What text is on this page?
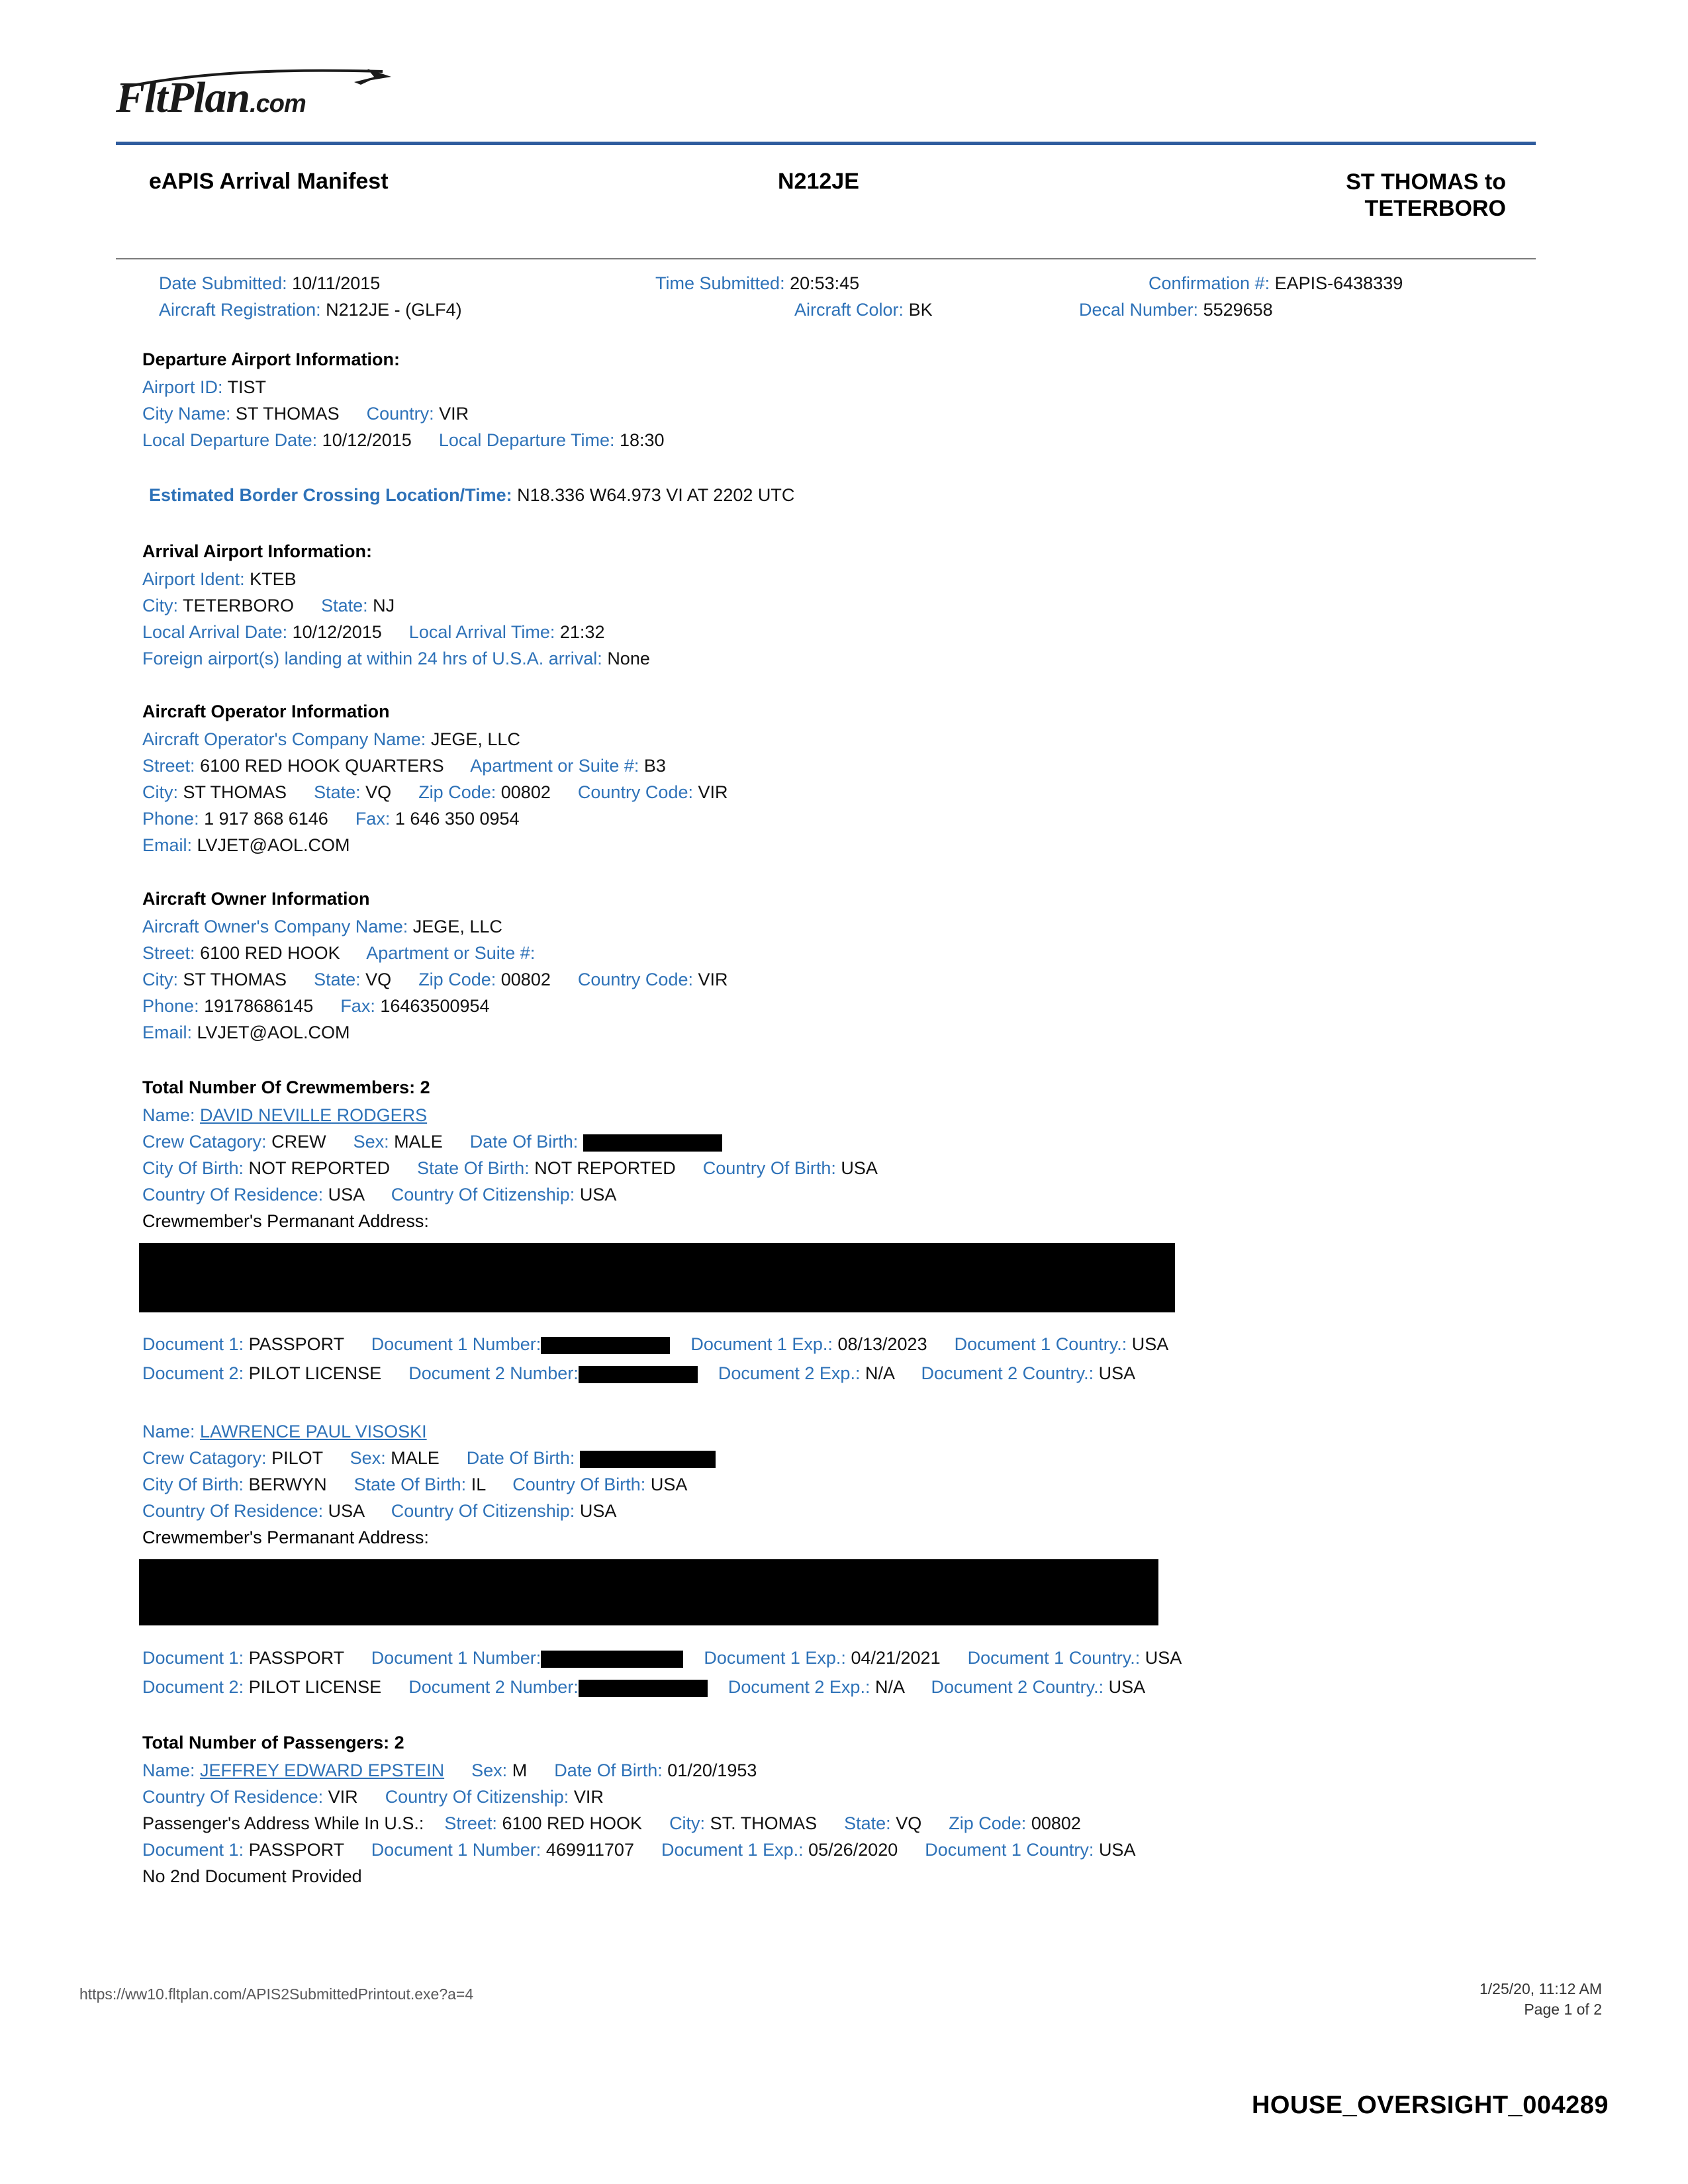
FltPlan.com
eAPIS Arrival Manifest	N212JE	ST THOMAS to
TETERBORO
Date Submitted: 10/11/2015	Time Submitted: 20:53:45	Confirmation #: EAPIS-6438339
Aircraft Registration: N212JE - (GLF4)	Aircraft Color: BK	Decal Number: 5529658
Departure Airport Information:
Airport ID: TIST
City Name: ST THOMAS Country: VIR
Local Departure Date: 10/12/2015 Local Departure Time: 18:30
Estimated Border Crossing Location/Time: N18.336 W64.973 VI AT 2202 UTC
Arrival Airport Information:
Airport Ident: KTEB
City: TETERBORO State: NJ
Local Arrival Date: 10/12/2015 Local Arrival Time: 21:32
Foreign airport(s) landing at within 24 hrs of U.S.A. arrival: None
Aircraft Operator Information
Aircraft Operator's Company Name: JEGE, LLC
Street: 6100 RED HOOK QUARTERS Apartment or Suite #: B3
City: ST THOMAS State: VQ Zip Code: 00802 Country Code: VIR
Phone: 1 917 868 6146 Fax: 1 646 350 0954
Email: LVJET@AOL.COM
Aircraft Owner Information
Aircraft Owner's Company Name: JEGE, LLC
Street: 6100 RED HOOK Apartment or Suite #:
City: ST THOMAS State: VQ Zip Code: 00802 Country Code: VIR
Phone: 19178686145 Fax: 16463500954
Email: LVJET@AOL.COM
Total Number Of Crewmembers: 2
Name: DAVID NEVILLE RODGERS
Crew Catagory: CREW Sex: MALE Date Of Birth:
City Of Birth: NOT REPORTED State Of Birth: NOT REPORTED Country Of Birth: USA
Country Of Residence: USA Country Of Citizenship: USA
Crewmember's Permanant Address:
Document 1: PASSPORT Document 1 Number:	Document 1 Exp.: 08/13/2023 Document 1 Country.: USA
Document 2: PILOT LICENSE Document 2 Number:	Document 2 Exp.: N/A Document 2 Country.: USA
Name: LAWRENCE PAUL VISOSKI
Crew Catagory: PILOT Sex: MALE Date Of Birth:
City Of Birth: BERWYN State Of Birth: IL Country Of Birth: USA
Country Of Residence: USA Country Of Citizenship: USA
Crewmember's Permanant Address:
Document 1: PASSPORT Document 1 Number:	Document 1 Exp.: 04/21/2021 Document 1 Country.: USA
Document 2: PILOT LICENSE Document 2 Number:	Document 2 Exp.: N/A Document 2 Country.: USA
Total Number of Passengers: 2
Name: JEFFREY EDWARD EPSTEIN Sex: M Date Of Birth: 01/20/1953
Country Of Residence: VIR Country Of Citizenship: VIR
Passenger's Address While In U.S.: Street: 6100 RED HOOK City: ST. THOMAS State: VQ Zip Code: 00802
Document 1: PASSPORT Document 1 Number: 469911707 Document 1 Exp.: 05/26/2020 Document 1 Country: USA
No 2nd Document Provided
https://ww10.fltplan.com/APIS2SubmittedPrintout.exe?a=4	1/25/20, 11:12 AM
Page 1 of 2
HOUSE_OVERSIGHT_004289
